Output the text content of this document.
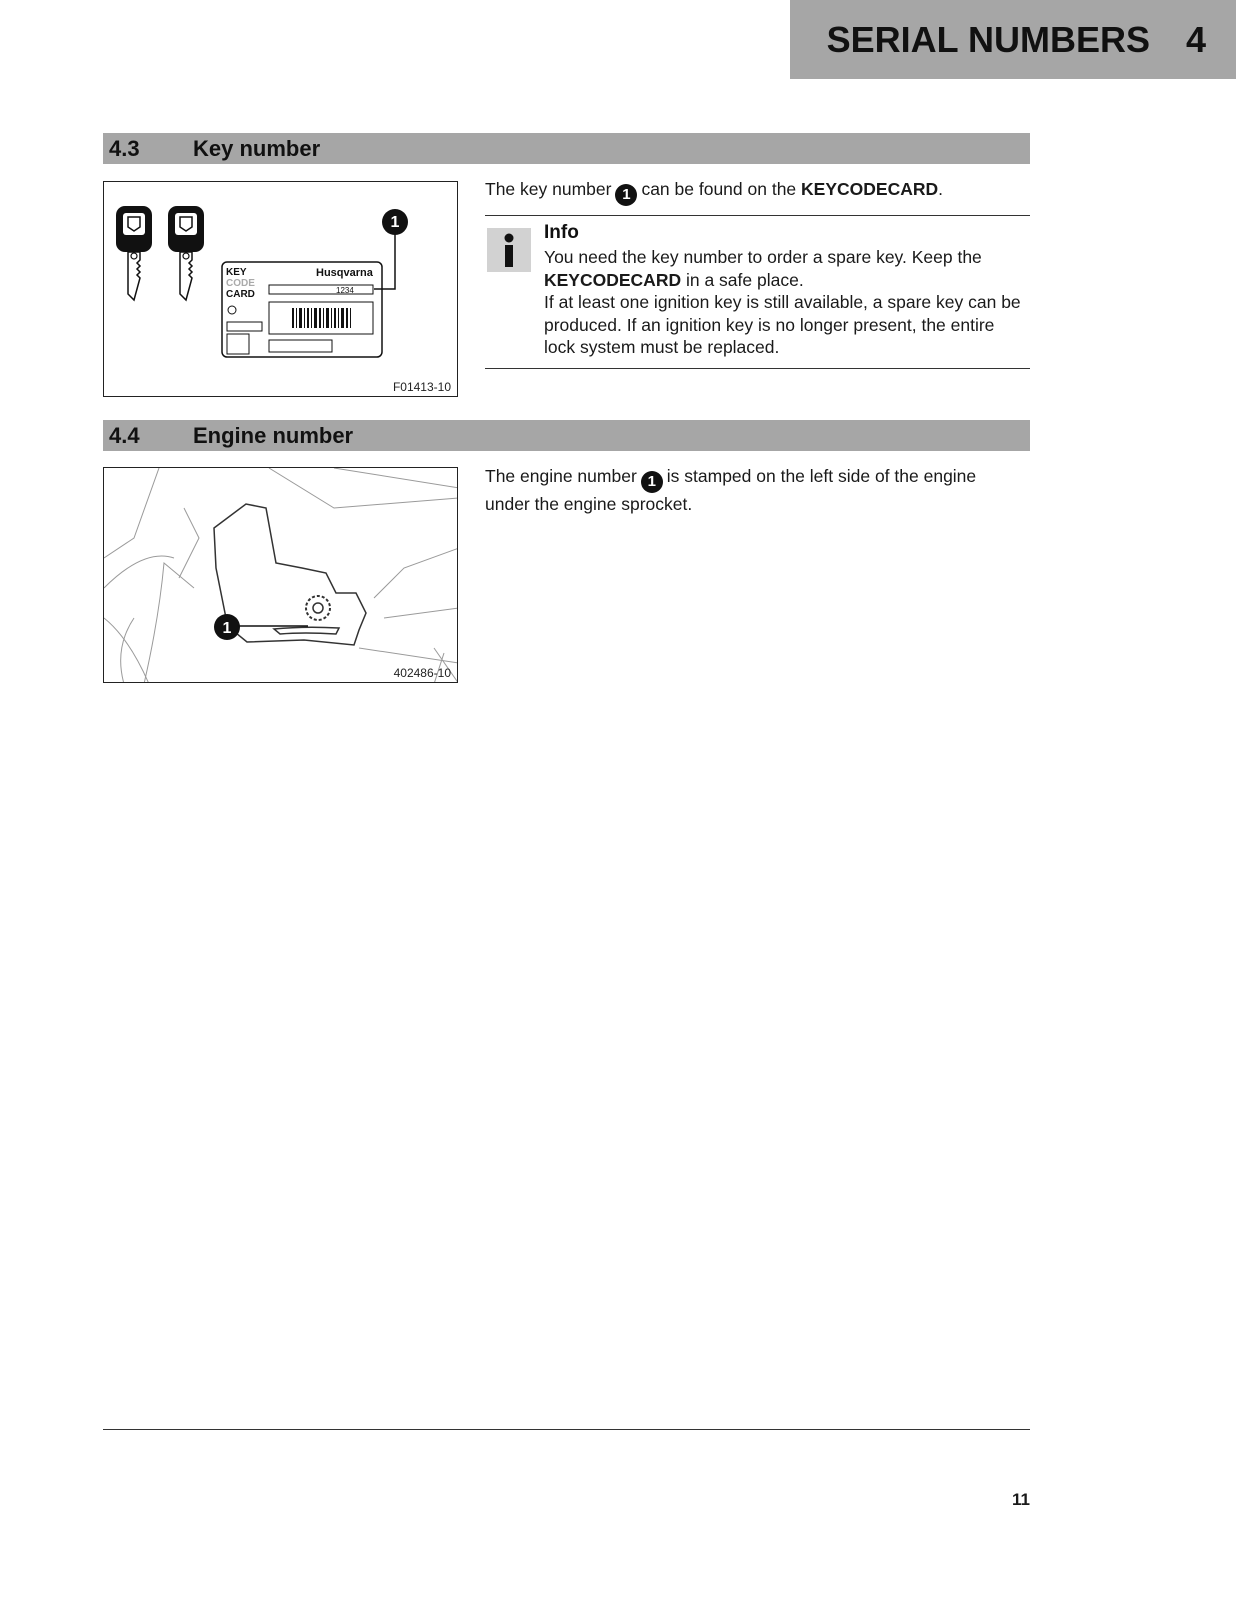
SERIAL NUMBERS 4
4.3	Key number
KEY
CODE
CARD
Husqvarna
1234
1
F01413-10
The key number 1 can be found on the KEYCODECARD.
Info
You need the key number to order a spare key. Keep the KEYCODECARD in a safe place.
If at least one ignition key is still available, a spare key can be produced. If an ignition key is no longer present, the entire lock system must be replaced.
4.4	Engine number
1
402486-10
The engine number 1 is stamped on the left side of the engine under the engine sprocket.
11
